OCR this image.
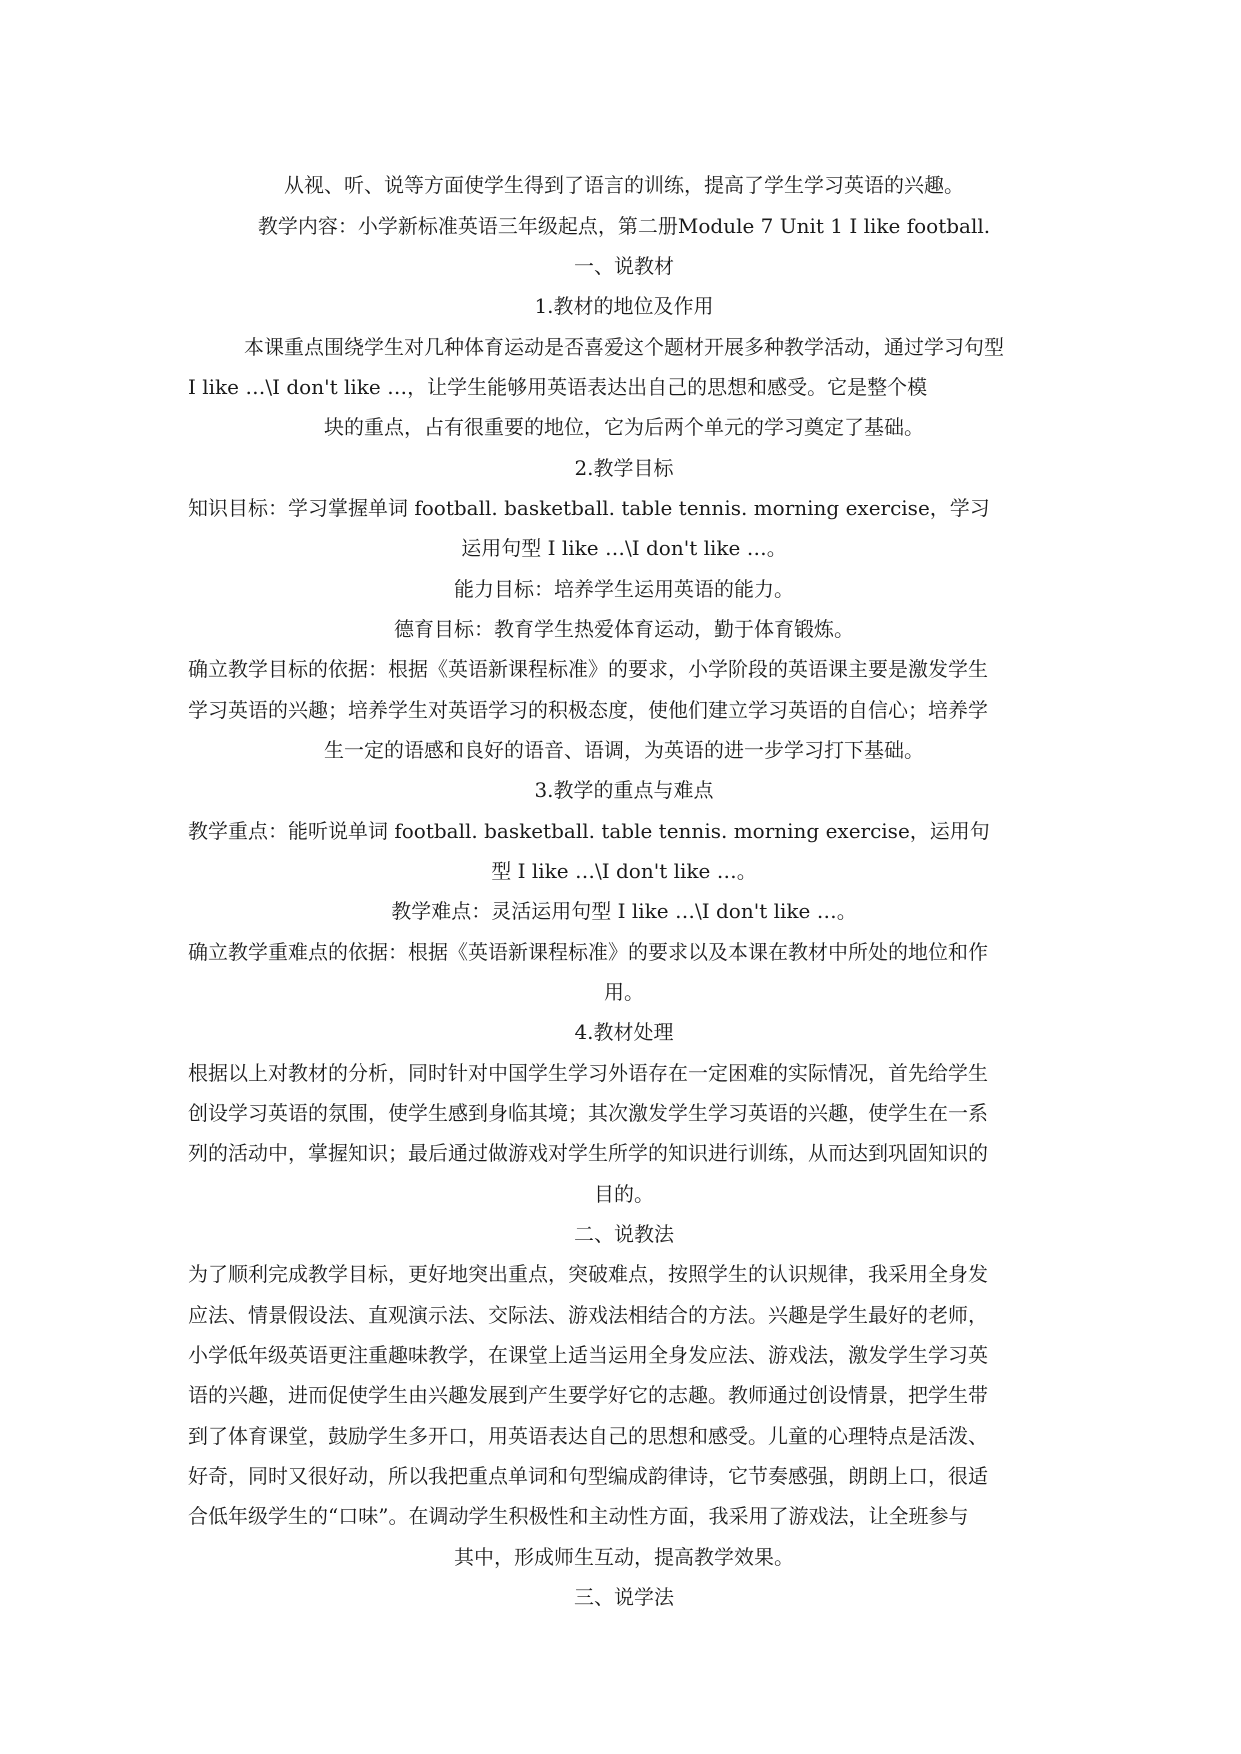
从视、听、说等方面使学生得到了语言的训练，提高了学生学习英语的兴趣。
教学内容：小学新标准英语三年级起点，第二册Module 7 Unit 1 I like football.
一、说教材
1.教材的地位及作用
本课重点围绕学生对几种体育运动是否喜爱这个题材开展多种教学活动，通过学习句型
I like …\I don't like …，让学生能够用英语表达出自己的思想和感受。它是整个模
块的重点，占有很重要的地位，它为后两个单元的学习奠定了基础。
2.教学目标
知识目标：学习掌握单词 football. basketball. table tennis. morning exercise，学习
运用句型 I like …\I don't like …。
能力目标：培养学生运用英语的能力。
德育目标：教育学生热爱体育运动，勤于体育锻炼。
确立教学目标的依据：根据《英语新课程标准》的要求，小学阶段的英语课主要是激发学生
学习英语的兴趣；培养学生对英语学习的积极态度，使他们建立学习英语的自信心；培养学
生一定的语感和良好的语音、语调，为英语的进一步学习打下基础。
3.教学的重点与难点
教学重点：能听说单词 football. basketball. table tennis. morning exercise，运用句
型 I like …\I don't like …。
教学难点：灵活运用句型 I like …\I don't like …。
确立教学重难点的依据：根据《英语新课程标准》的要求以及本课在教材中所处的地位和作
用。
4.教材处理
根据以上对教材的分析，同时针对中国学生学习外语存在一定困难的实际情况，首先给学生
创设学习英语的氛围，使学生感到身临其境；其次激发学生学习英语的兴趣，使学生在一系
列的活动中，掌握知识；最后通过做游戏对学生所学的知识进行训练，从而达到巩固知识的
目的。
二、说教法
为了顺利完成教学目标，更好地突出重点，突破难点，按照学生的认识规律，我采用全身发
应法、情景假设法、直观演示法、交际法、游戏法相结合的方法。兴趣是学生最好的老师，
小学低年级英语更注重趣味教学，在课堂上适当运用全身发应法、游戏法，激发学生学习英
语的兴趣，进而促使学生由兴趣发展到产生要学好它的志趣。教师通过创设情景，把学生带
到了体育课堂，鼓励学生多开口，用英语表达自己的思想和感受。儿童的心理特点是活泼、
好奇，同时又很好动，所以我把重点单词和句型编成韵律诗，它节奏感强，朗朗上口，很适
合低年级学生的“口味”。在调动学生积极性和主动性方面，我采用了游戏法，让全班参与
其中，形成师生互动，提高教学效果。
三、说学法
